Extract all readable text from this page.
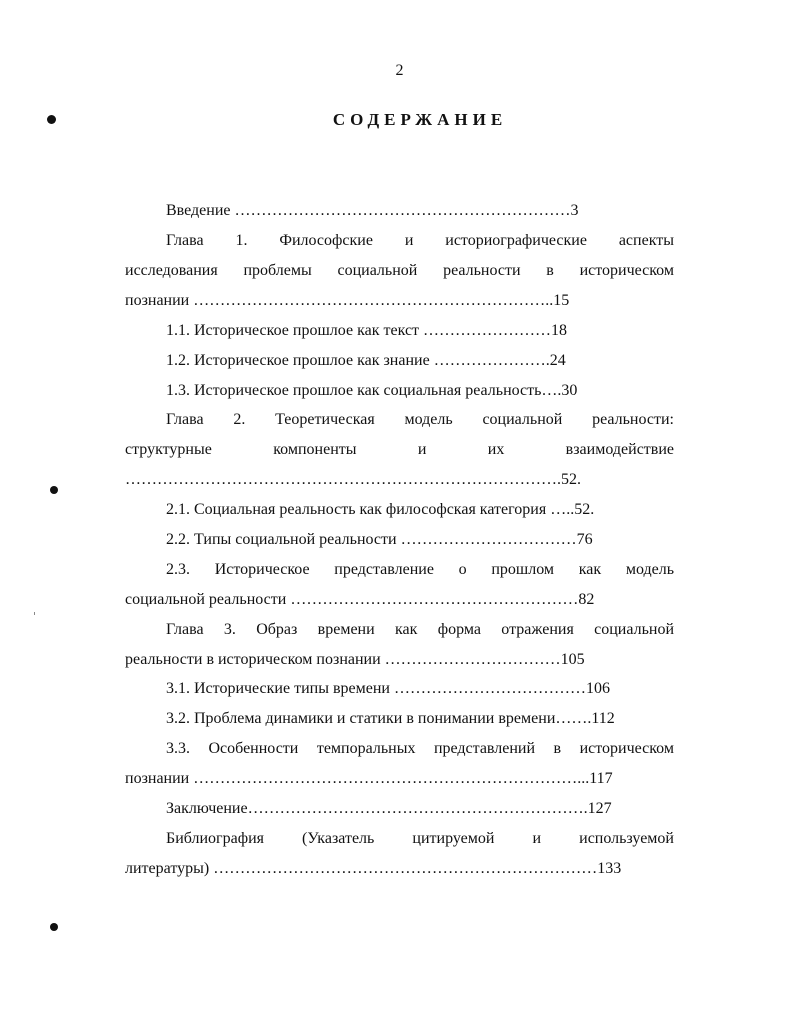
2
СОДЕРЖАНИЕ
Введение ………………………………………………………3
Глава 1. Философские и историографические аспекты
исследования проблемы социальной реальности в историческом
познании …………………………………………………………..15
1.1. Историческое прошлое как текст ……………………18
1.2. Историческое прошлое как знание ………………….24
1.3. Историческое прошлое как социальная реальность….30
Глава 2. Теоретическая модель социальной реальности:
структурные компоненты и их взаимодействие
……………………………………………………………………….52.
2.1. Социальная реальность как философская категория …..52.
2.2. Типы социальной реальности ……………………………76
2.3. Историческое представление о прошлом как модель
социальной реальности ………………………………………………82
Глава 3. Образ времени как форма отражения социальной
реальности в историческом познании ……………………………105
3.1. Исторические типы времени ………………………………106
3.2. Проблема динамики и статики в понимании времени…….112
3.3. Особенности темпоральных представлений в историческом
познании ………………………………………………………………...117
Заключение……………………………………………………….127
Библиография (Указатель цитируемой и используемой
литературы) ………………………………………………………………133
